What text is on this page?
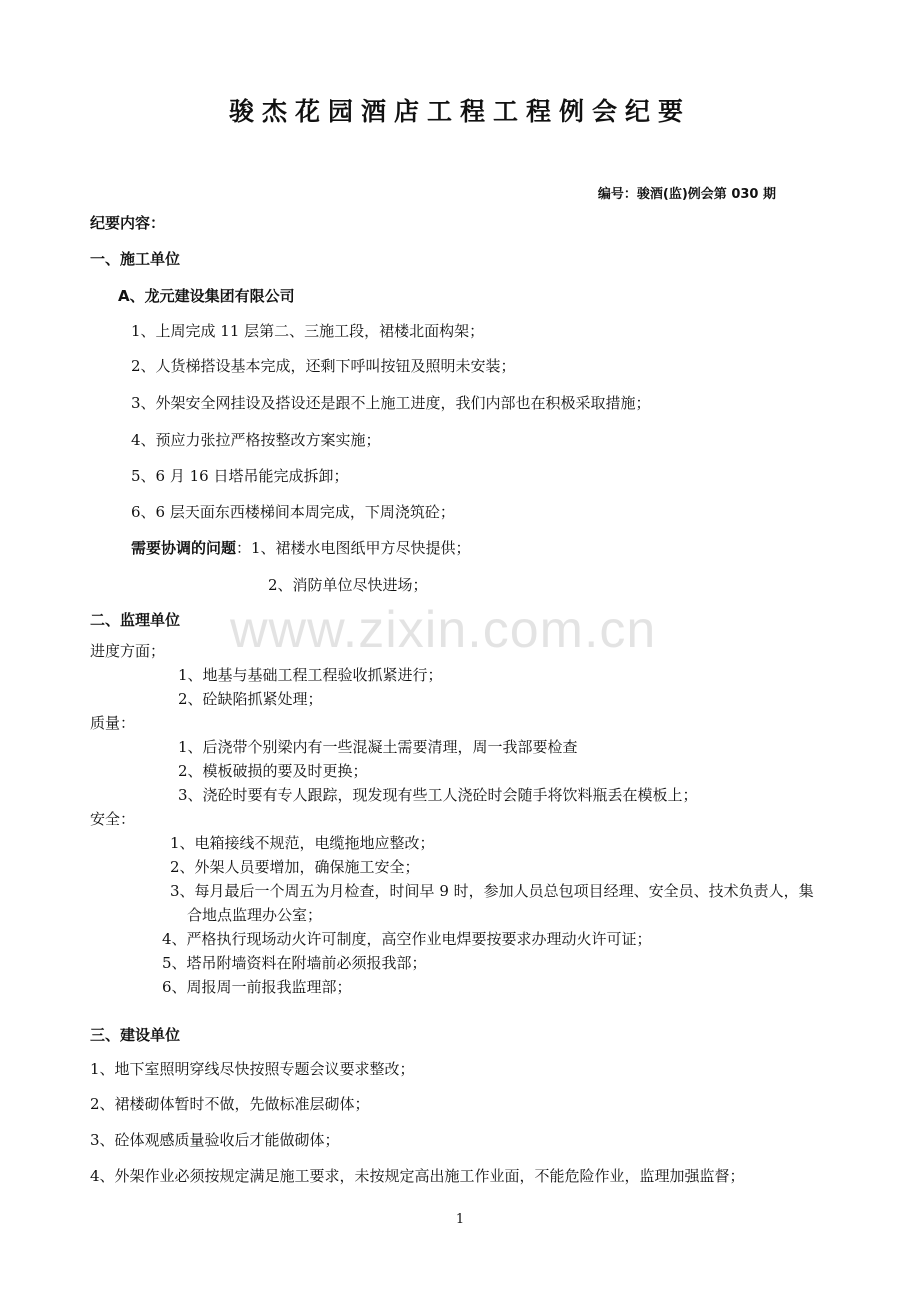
骏杰花园酒店工程工程例会纪要
编号：骏酒(监)例会第 030 期
纪要内容：
一、施工单位
A、龙元建设集团有限公司
1、上周完成 11 层第二、三施工段，裙楼北面构架；
2、人货梯搭设基本完成，还剩下呼叫按钮及照明未安装；
3、外架安全网挂设及搭设还是跟不上施工进度，我们内部也在积极采取措施；
4、预应力张拉严格按整改方案实施；
5、6 月 16 日塔吊能完成拆卸；
6、6 层天面东西楼梯间本周完成，下周浇筑砼；
需要协调的问题：1、裙楼水电图纸甲方尽快提供；
2、消防单位尽快进场；
二、监理单位
进度方面；
1、地基与基础工程工程验收抓紧进行；
2、砼缺陷抓紧处理；
质量：
1、后浇带个别梁内有一些混凝土需要清理，周一我部要检查
2、模板破损的要及时更换；
3、浇砼时要有专人跟踪，现发现有些工人浇砼时会随手将饮料瓶丢在模板上；
安全：
1、电箱接线不规范，电缆拖地应整改；
2、外架人员要增加，确保施工安全；
3、每月最后一个周五为月检查，时间早 9 时，参加人员总包项目经理、安全员、技术负责人，集
合地点监理办公室；
4、严格执行现场动火许可制度，高空作业电焊要按要求办理动火许可证；
5、塔吊附墙资料在附墙前必须报我部；
6、周报周一前报我监理部；
三、建设单位
1、地下室照明穿线尽快按照专题会议要求整改；
2、裙楼砌体暂时不做，先做标准层砌体；
3、砼体观感质量验收后才能做砌体；
4、外架作业必须按规定满足施工要求，未按规定高出施工作业面，不能危险作业，监理加强监督；
www.zixin.com.cn
1
